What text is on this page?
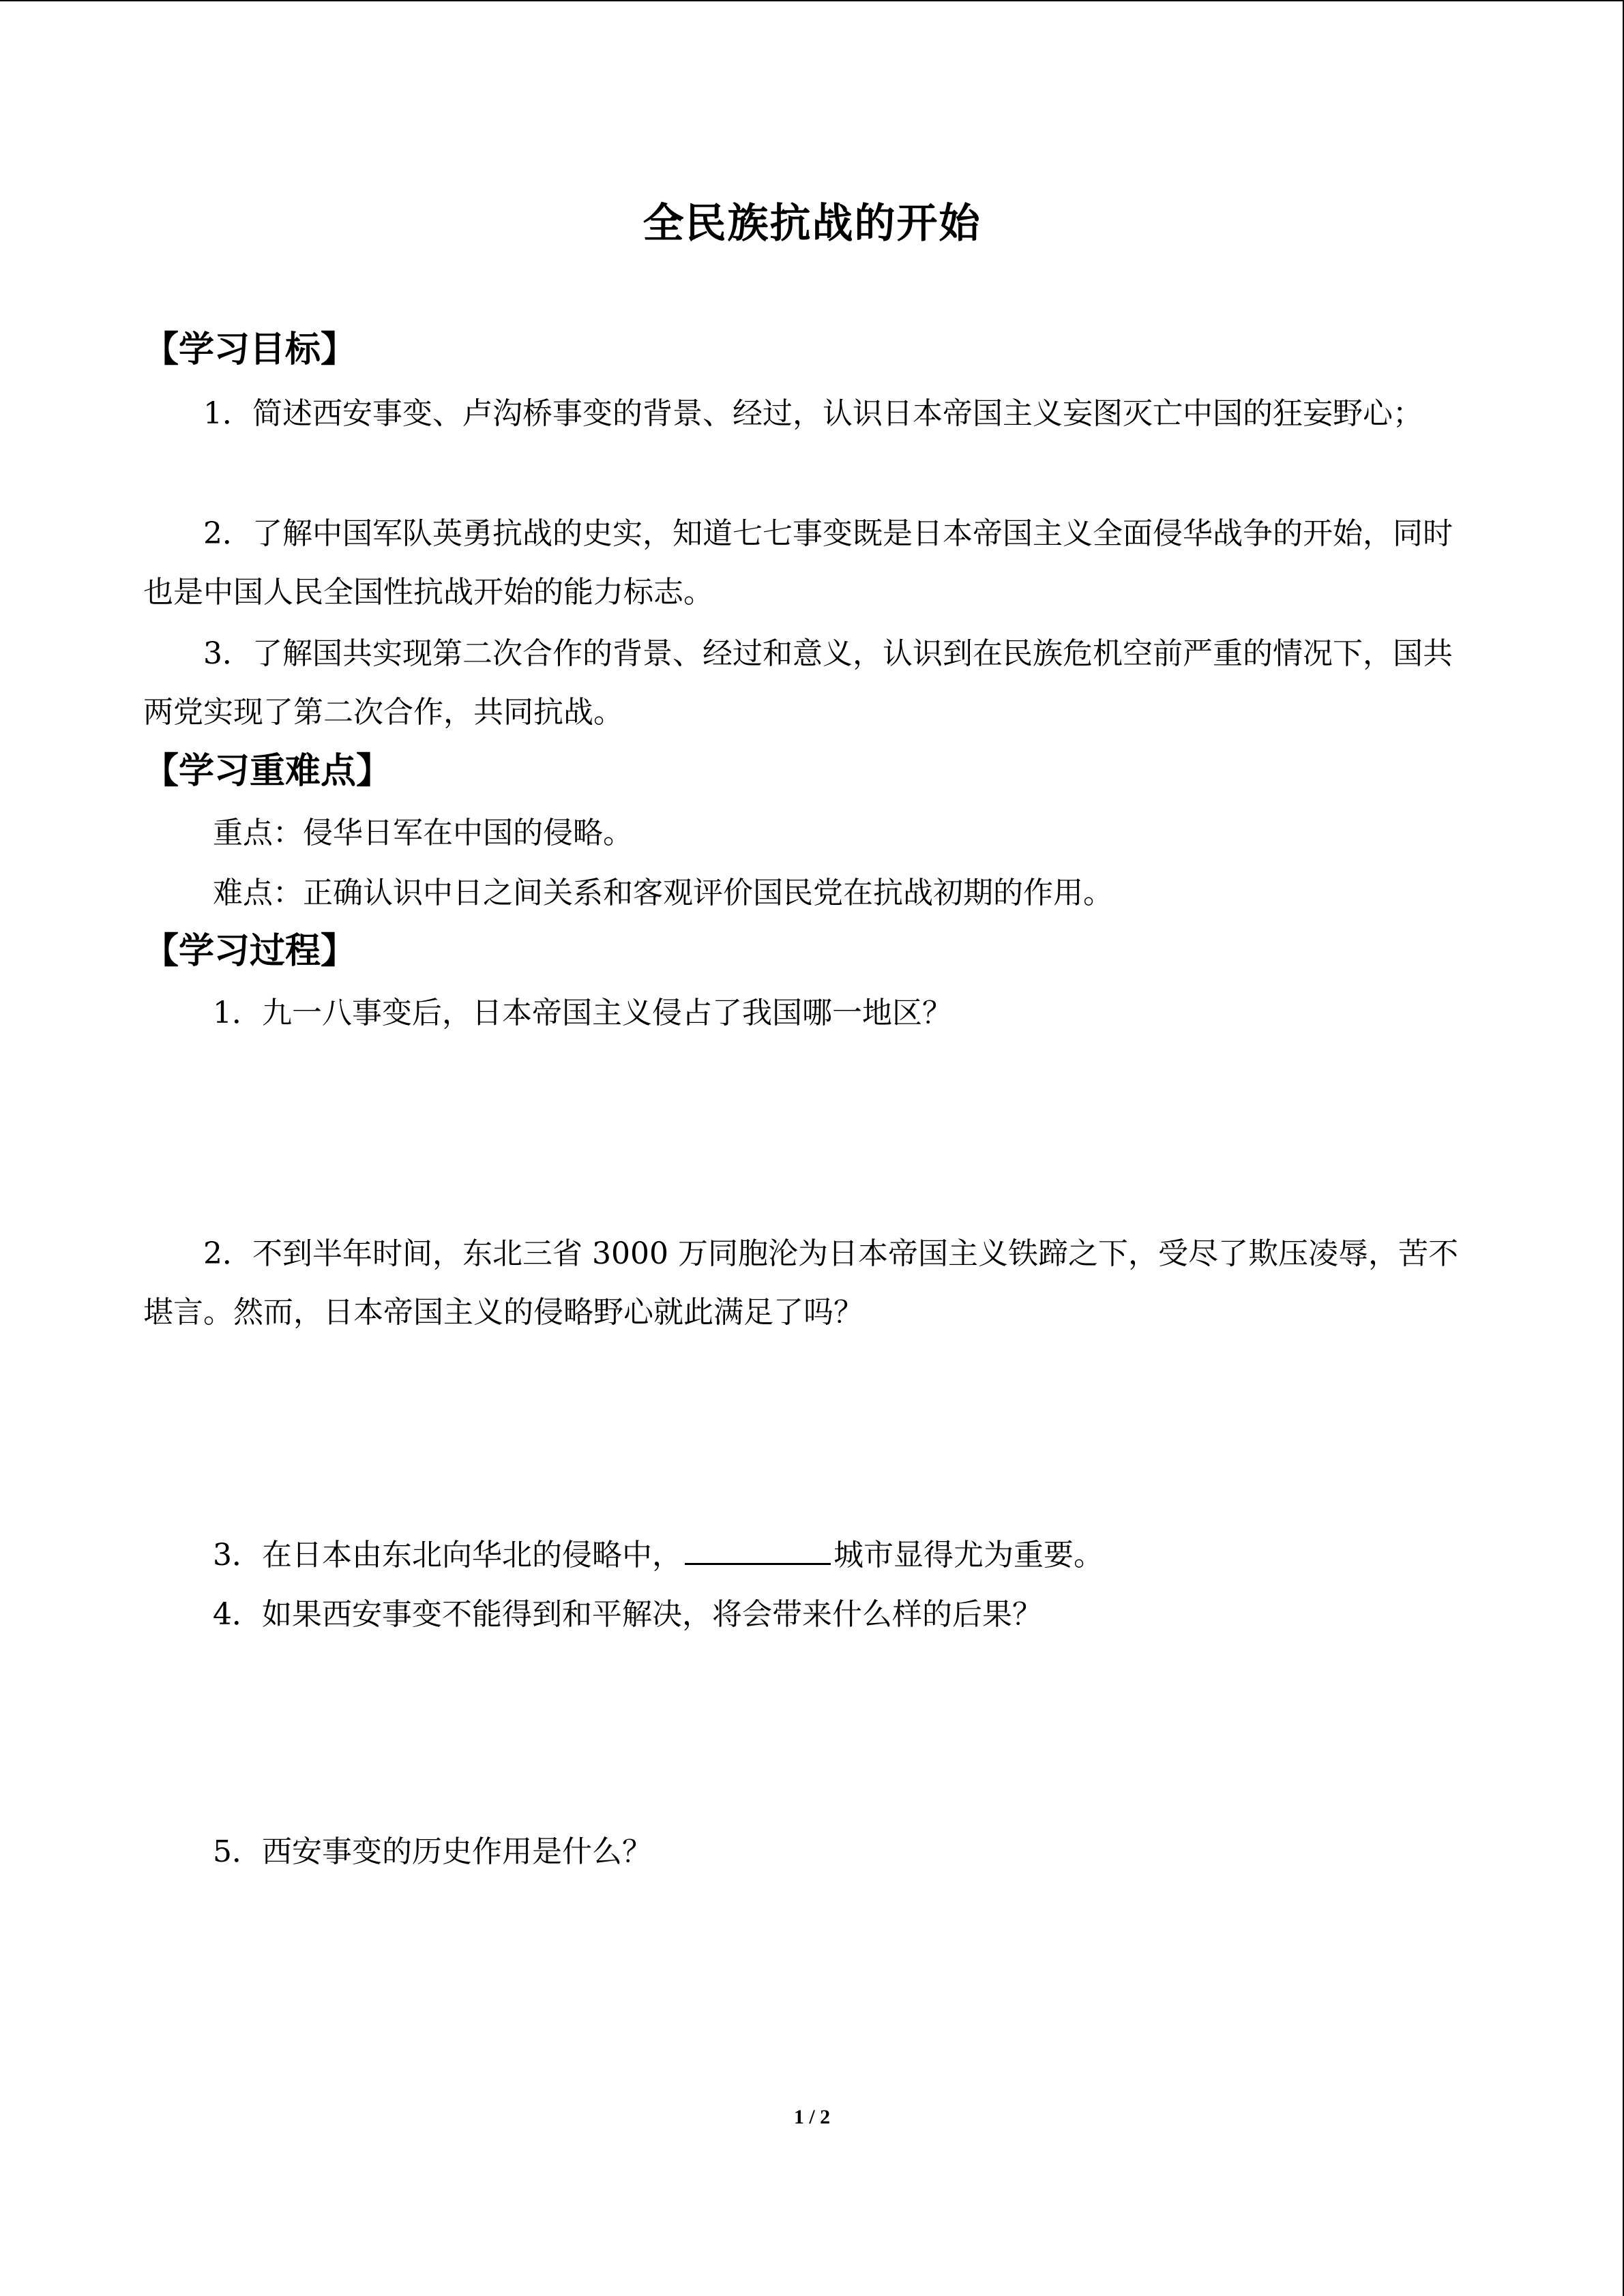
全民族抗战的开始
【学习目标】
1．简述西安事变、卢沟桥事变的背景、经过，认识日本帝国主义妄图灭亡中国的狂妄野心；
2．了解中国军队英勇抗战的史实，知道七七事变既是日本帝国主义全面侵华战争的开始，同时也是中国人民全国性抗战开始的能力标志。
3．了解国共实现第二次合作的背景、经过和意义，认识到在民族危机空前严重的情况下，国共两党实现了第二次合作，共同抗战。
【学习重难点】
重点：侵华日军在中国的侵略。
难点：正确认识中日之间关系和客观评价国民党在抗战初期的作用。
【学习过程】
1．九一八事变后，日本帝国主义侵占了我国哪一地区？
2．不到半年时间，东北三省 3000 万同胞沦为日本帝国主义铁蹄之下，受尽了欺压凌辱，苦不堪言。然而，日本帝国主义的侵略野心就此满足了吗？
3．在日本由东北向华北的侵略中，	城市显得尤为重要。
4．如果西安事变不能得到和平解决，将会带来什么样的后果？
5．西安事变的历史作用是什么？
1 / 2
